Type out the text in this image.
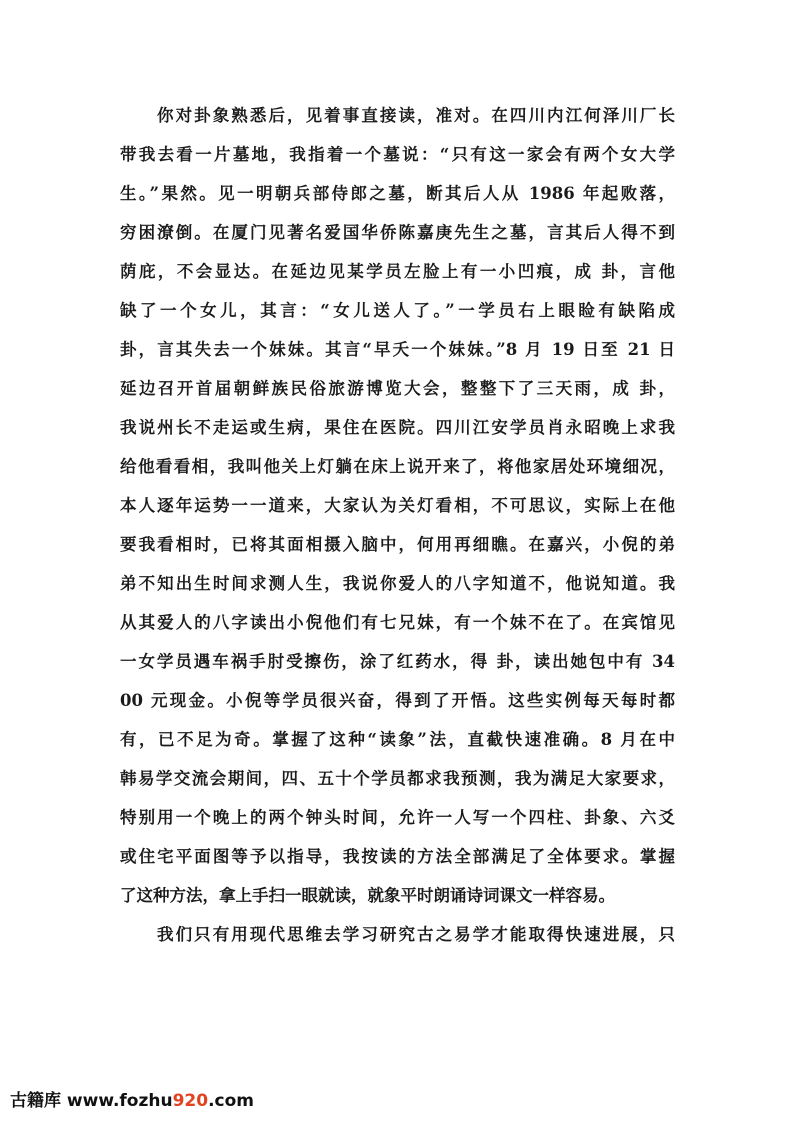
你对卦象熟悉后，见着事直接读，准对。在四川内江何泽川厂长
带我去看一片墓地，我指着一个墓说：“只有这一家会有两个女大学
生。”果然。见一明朝兵部侍郎之墓，断其后人从 1986 年起败落，
穷困潦倒。在厦门见著名爱国华侨陈嘉庚先生之墓，言其后人得不到
荫庇，不会显达。在延边见某学员左脸上有一小凹痕，成 卦，言他
缺了一个女儿，其言：“女儿送人了。”一学员右上眼睑有缺陷成
卦，言其失去一个妹妹。其言“早夭一个妹妹。”8 月 19 日至 21 日
延边召开首届朝鲜族民俗旅游博览大会，整整下了三天雨，成 卦，
我说州长不走运或生病，果住在医院。四川江安学员肖永昭晚上求我
给他看看相，我叫他关上灯躺在床上说开来了，将他家居处环境细况，
本人逐年运势一一道来，大家认为关灯看相，不可思议，实际上在他
要我看相时，已将其面相摄入脑中，何用再细瞧。在嘉兴，小倪的弟
弟不知出生时间求测人生，我说你爱人的八字知道不，他说知道。我
从其爱人的八字读出小倪他们有七兄妹，有一个妹不在了。在宾馆见
一女学员遇车祸手肘受擦伤，涂了红药水，得 卦，读出她包中有 34
00 元现金。小倪等学员很兴奋，得到了开悟。这些实例每天每时都
有，已不足为奇。掌握了这种“读象”法，直截快速准确。8 月在中
韩易学交流会期间，四、五十个学员都求我预测，我为满足大家要求，
特别用一个晚上的两个钟头时间，允许一人写一个四柱、卦象、六爻
或住宅平面图等予以指导，我按读的方法全部满足了全体要求。掌握
了这种方法，拿上手扫一眼就读，就象平时朗诵诗词课文一样容易。
我们只有用现代思维去学习研究古之易学才能取得快速进展，只
古籍库 www.fozhu920.com
